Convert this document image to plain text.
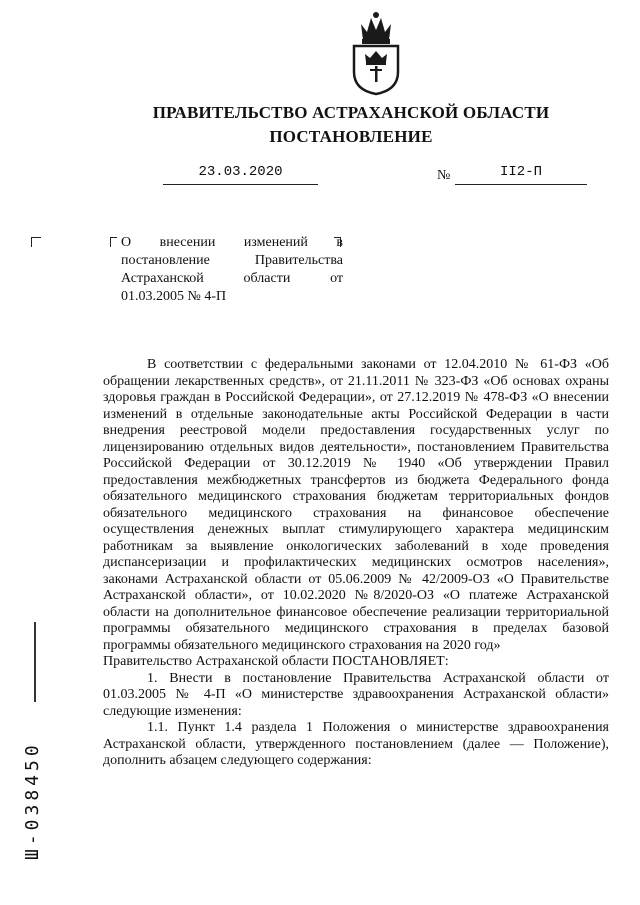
ПРАВИТЕЛЬСТВО АСТРАХАНСКОЙ ОБЛАСТИ
ПОСТАНОВЛЕНИЕ
23.03.2020	№	II2-П
О внесении изменений в
постановление Правительства
Астраханской области от
01.03.2005 № 4-П

В соответствии с федеральными законами от 12.04.2010 № 61-ФЗ «Об обращении лекарственных средств», от 21.11.2011 № 323-ФЗ «Об основах охраны здоровья граждан в Российской Федерации», от 27.12.2019 № 478-ФЗ «О внесении изменений в отдельные законодательные акты Российской Федерации в части внедрения реестровой модели предоставления государственных услуг по лицензированию отдельных видов деятельности», постановлением Правительства Российской Федерации от 30.12.2019 № 1940 «Об утверждении Правил предоставления межбюджетных трансфертов из бюджета Федерального фонда обязательного медицинского страхования бюджетам территориальных фондов обязательного медицинского страхования на финансовое обеспечение осуществления денежных выплат стимулирующего характера медицинским работникам за выявление онкологических заболеваний в ходе проведения диспансеризации и профилактических медицинских осмотров населения», законами Астраханской области от 05.06.2009 № 42/2009-ОЗ «О Правительстве Астраханской области», от 10.02.2020 №8/2020-ОЗ «О платеже Астраханской области на дополнительное финансовое обеспечение реализации территориальной программы обязательного медицинского страхования в пределах базовой программы обязательного медицинского страхования на 2020 год»

Правительство Астраханской области ПОСТАНОВЛЯЕТ:

1. Внести в постановление Правительства Астраханской области от 01.03.2005 № 4-П «О министерстве здравоохранения Астраханской области» следующие изменения:

1.1. Пункт 1.4 раздела 1 Положения о министерстве здравоохранения Астраханской области, утвержденного постановлением (далее — Положение), дополнить абзацем следующего содержания:

Ш-038450
